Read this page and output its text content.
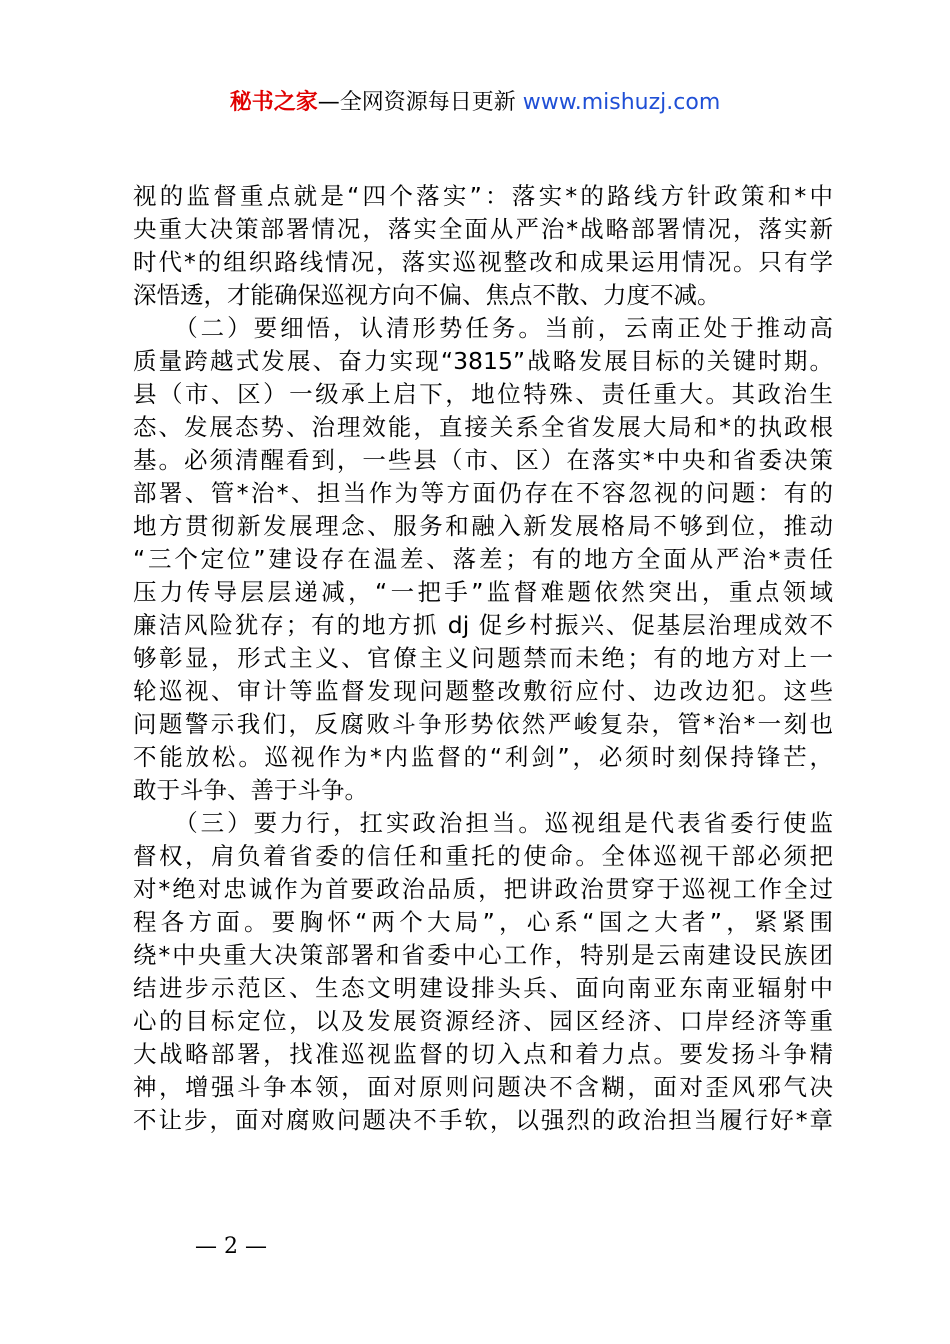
秘书之家—全网资源每日更新 www.mishuzj.com
视的监督重点就是“四个落实”：落实*的路线方针政策和*中
央重大决策部署情况，落实全面从严治*战略部署情况，落实新
时代*的组织路线情况，落实巡视整改和成果运用情况。只有学
深悟透，才能确保巡视方向不偏、焦点不散、力度不减。
　　（二）要细悟，认清形势任务。当前，云南正处于推动高
质量跨越式发展、奋力实现“3815”战略发展目标的关键时期。
县（市、区）一级承上启下，地位特殊、责任重大。其政治生
态、发展态势、治理效能，直接关系全省发展大局和*的执政根
基。必须清醒看到，一些县（市、区）在落实*中央和省委决策
部署、管*治*、担当作为等方面仍存在不容忽视的问题：有的
地方贯彻新发展理念、服务和融入新发展格局不够到位，推动
“三个定位”建设存在温差、落差；有的地方全面从严治*责任
压力传导层层递减，“一把手”监督难题依然突出，重点领域
廉洁风险犹存；有的地方抓 dj 促乡村振兴、促基层治理成效不
够彰显，形式主义、官僚主义问题禁而未绝；有的地方对上一
轮巡视、审计等监督发现问题整改敷衍应付、边改边犯。这些
问题警示我们，反腐败斗争形势依然严峻复杂，管*治*一刻也
不能放松。巡视作为*内监督的“利剑”，必须时刻保持锋芒，
敢于斗争、善于斗争。
　　（三）要力行，扛实政治担当。巡视组是代表省委行使监
督权，肩负着省委的信任和重托的使命。全体巡视干部必须把
对*绝对忠诚作为首要政治品质，把讲政治贯穿于巡视工作全过
程各方面。要胸怀“两个大局”，心系“国之大者”，紧紧围
绕*中央重大决策部署和省委中心工作，特别是云南建设民族团
结进步示范区、生态文明建设排头兵、面向南亚东南亚辐射中
心的目标定位，以及发展资源经济、园区经济、口岸经济等重
大战略部署，找准巡视监督的切入点和着力点。要发扬斗争精
神，增强斗争本领，面对原则问题决不含糊，面对歪风邪气决
不让步，面对腐败问题决不手软，以强烈的政治担当履行好*章
— 2 —
